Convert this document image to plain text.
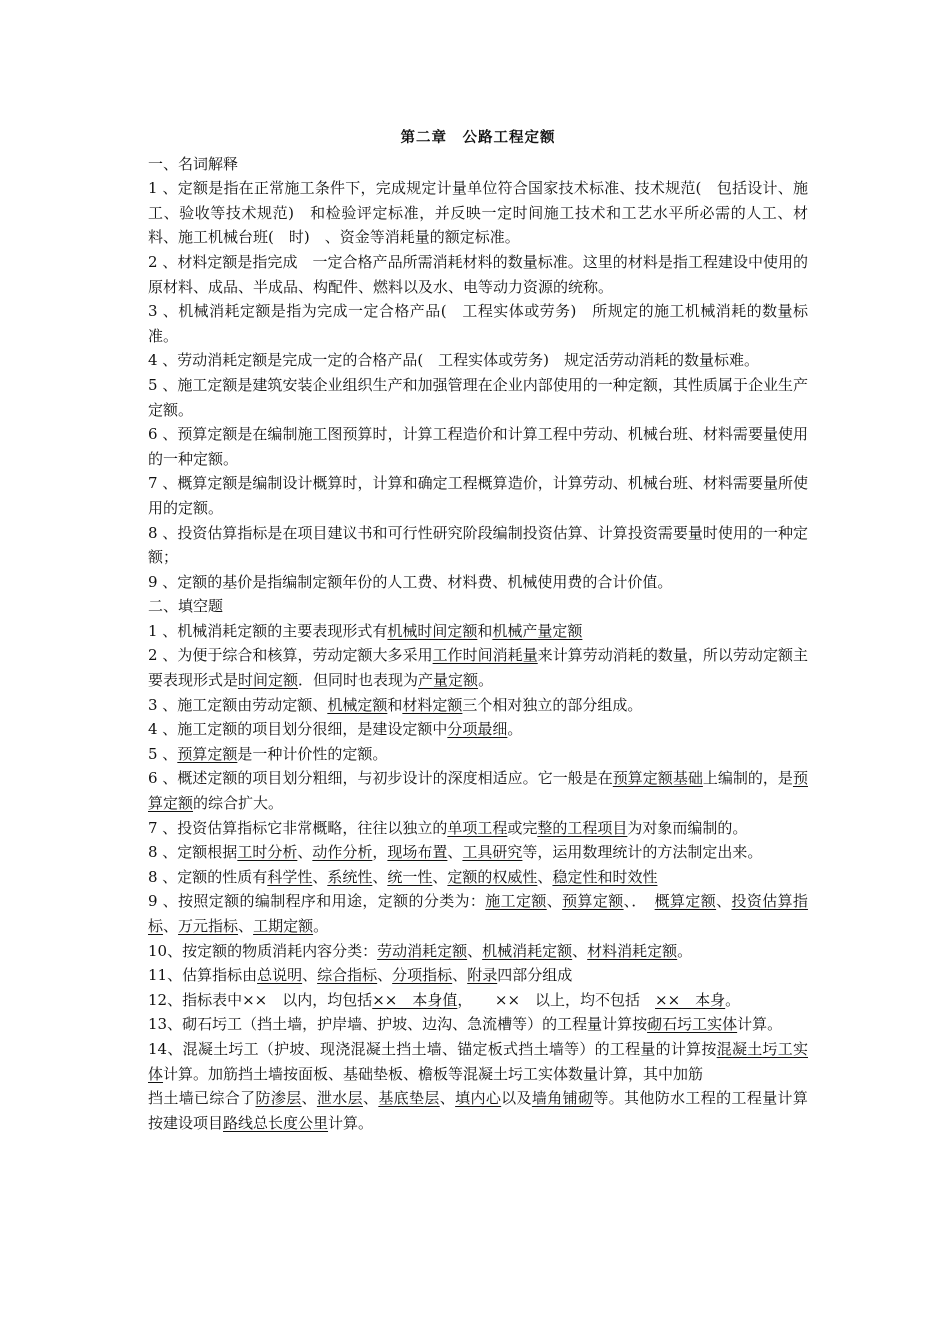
第二章　公路工程定额

一、名词解释

1 、定额是指在正常施工条件下，完成规定计量单位符合国家技术标准、技术规范(　包括设计、施工、验收等技术规范)　和检验评定标准，并反映一定时间施工技术和工艺水平所必需的人工、材料、施工机械台班(　时)　、资金等消耗量的额定标准。

2 、材料定额是指完成　一定合格产品所需消耗材料的数量标准。这里的材料是指工程建设中使用的原材料、成品、半成品、构配件、燃料以及水、电等动力资源的统称。

3 、机械消耗定额是指为完成一定合格产品(　工程实体或劳务)　所规定的施工机械消耗的数量标准。

4 、劳动消耗定额是完成一定的合格产品(　工程实体或劳务)　规定活劳动消耗的数量标难。

5 、施工定额是建筑安装企业组织生产和加强管理在企业内部使用的一种定额，其性质属于企业生产定额。

6 、预算定额是在编制施工图预算时，计算工程造价和计算工程中劳动、机械台班、材料需要量使用的一种定额。

7 、概算定额是编制设计概算时，计算和确定工程概算造价，计算劳动、机械台班、材料需要量所使用的定额。

8 、投资估算指标是在项目建议书和可行性研究阶段编制投资估算、计算投资需要量时使用的一种定额；

9 、定额的基价是指编制定额年份的人工费、材料费、机械使用费的合计价值。

二、填空题

1 、机械消耗定额的主要表现形式有机械时间定额和机械产量定额

2 、为便于综合和核算，劳动定额大多采用工作时间消耗量来计算劳动消耗的数量，所以劳动定额主要表现形式是时间定额．但同时也表现为产量定额。

3 、施工定额由劳动定额、机械定额和材料定额三个相对独立的部分组成。

4 、施工定额的项目划分很细，是建设定额中分项最细。

5 、预算定额是一种计价性的定额。

6 、概述定额的项目划分粗细，与初步设计的深度相适应。它一般是在预算定额基础上编制的，是预算定额的综合扩大。

7 、投资估算指标它非常概略，往往以独立的单项工程或完整的工程项目为对象而编制的。

8 、定额根据工时分析、动作分析，现场布置、工具研究等，运用数理统计的方法制定出来。

8 、定额的性质有科学性、系统性、统一性、定额的权威性、稳定性和时效性

9 、按照定额的编制程序和用途，定额的分类为：施工定额、预算定额、．　概算定额、投资估算指标、万元指标、工期定额。

10、按定额的物质消耗内容分类：劳动消耗定额、机械消耗定额、材料消耗定额。

11、估算指标由总说明、综合指标、分项指标、附录四部分组成

12、指标表中××　以内，均包括××　本身值，　　××　以上，均不包括　××　本身。

13、砌石圬工（挡土墙，护岸墙、护坡、边沟、急流槽等）的工程量计算按砌石圬工实体计算。

14、混凝土圬工（护坡、现浇混凝土挡土墙、锚定板式挡土墙等）的工程量的计算按混凝土圬工实体计算。加筋挡土墙按面板、基础垫板、檐板等混凝土圬工实体数量计算，其中加筋

挡土墙已综合了防渗层、泄水层、基底垫层、填内心以及墙角铺砌等。其他防水工程的工程量计算按建设项目路线总长度公里计算。
